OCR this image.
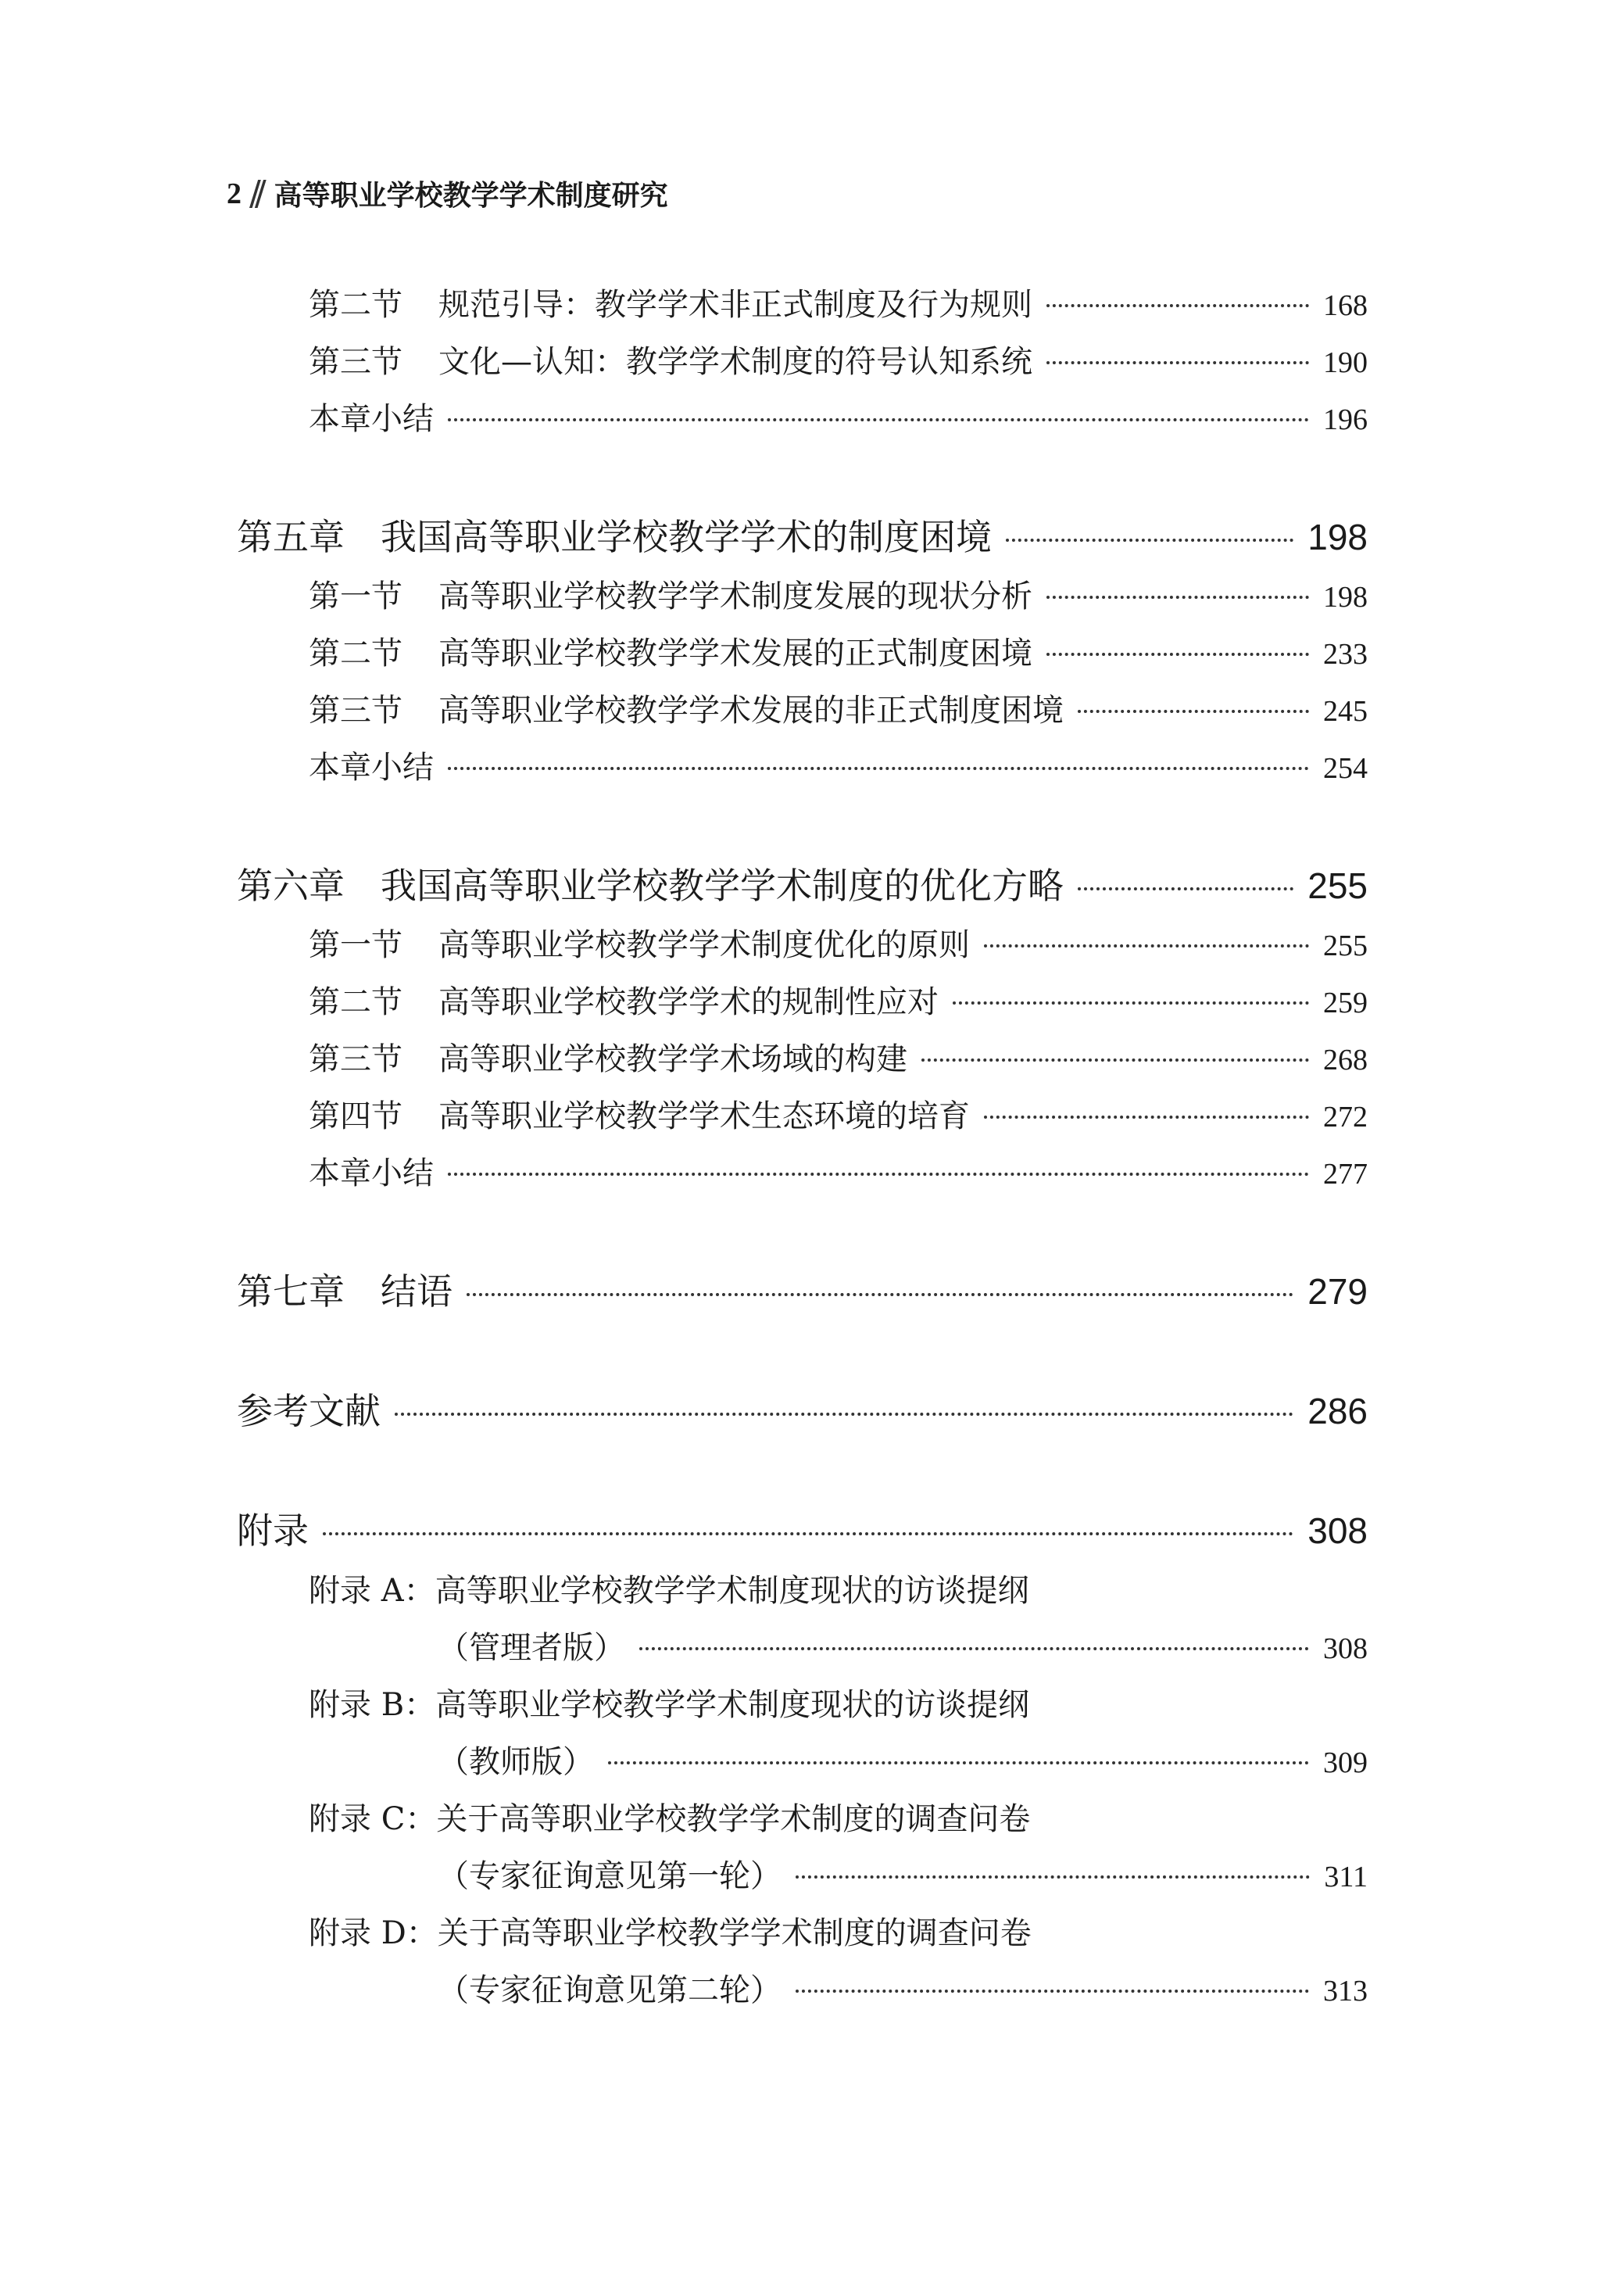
2 // 高等职业学校教学学术制度研究
第二节 规范引导：教学学术非正式制度及行为规则	168
第三节 文化—认知：教学学术制度的符号认知系统	190
本章小结	196
第五章 我国高等职业学校教学学术的制度困境	198
第一节 高等职业学校教学学术制度发展的现状分析	198
第二节 高等职业学校教学学术发展的正式制度困境	233
第三节 高等职业学校教学学术发展的非正式制度困境	245
本章小结	254
第六章 我国高等职业学校教学学术制度的优化方略	255
第一节 高等职业学校教学学术制度优化的原则	255
第二节 高等职业学校教学学术的规制性应对	259
第三节 高等职业学校教学学术场域的构建	268
第四节 高等职业学校教学学术生态环境的培育	272
本章小结	277
第七章 结语	279
参考文献	286
附录	308
附录 A：高等职业学校教学学术制度现状的访谈提纲
（管理者版）	308
附录 B：高等职业学校教学学术制度现状的访谈提纲
（教师版）	309
附录 C：关于高等职业学校教学学术制度的调查问卷
（专家征询意见第一轮）	311
附录 D：关于高等职业学校教学学术制度的调查问卷
（专家征询意见第二轮）	313
